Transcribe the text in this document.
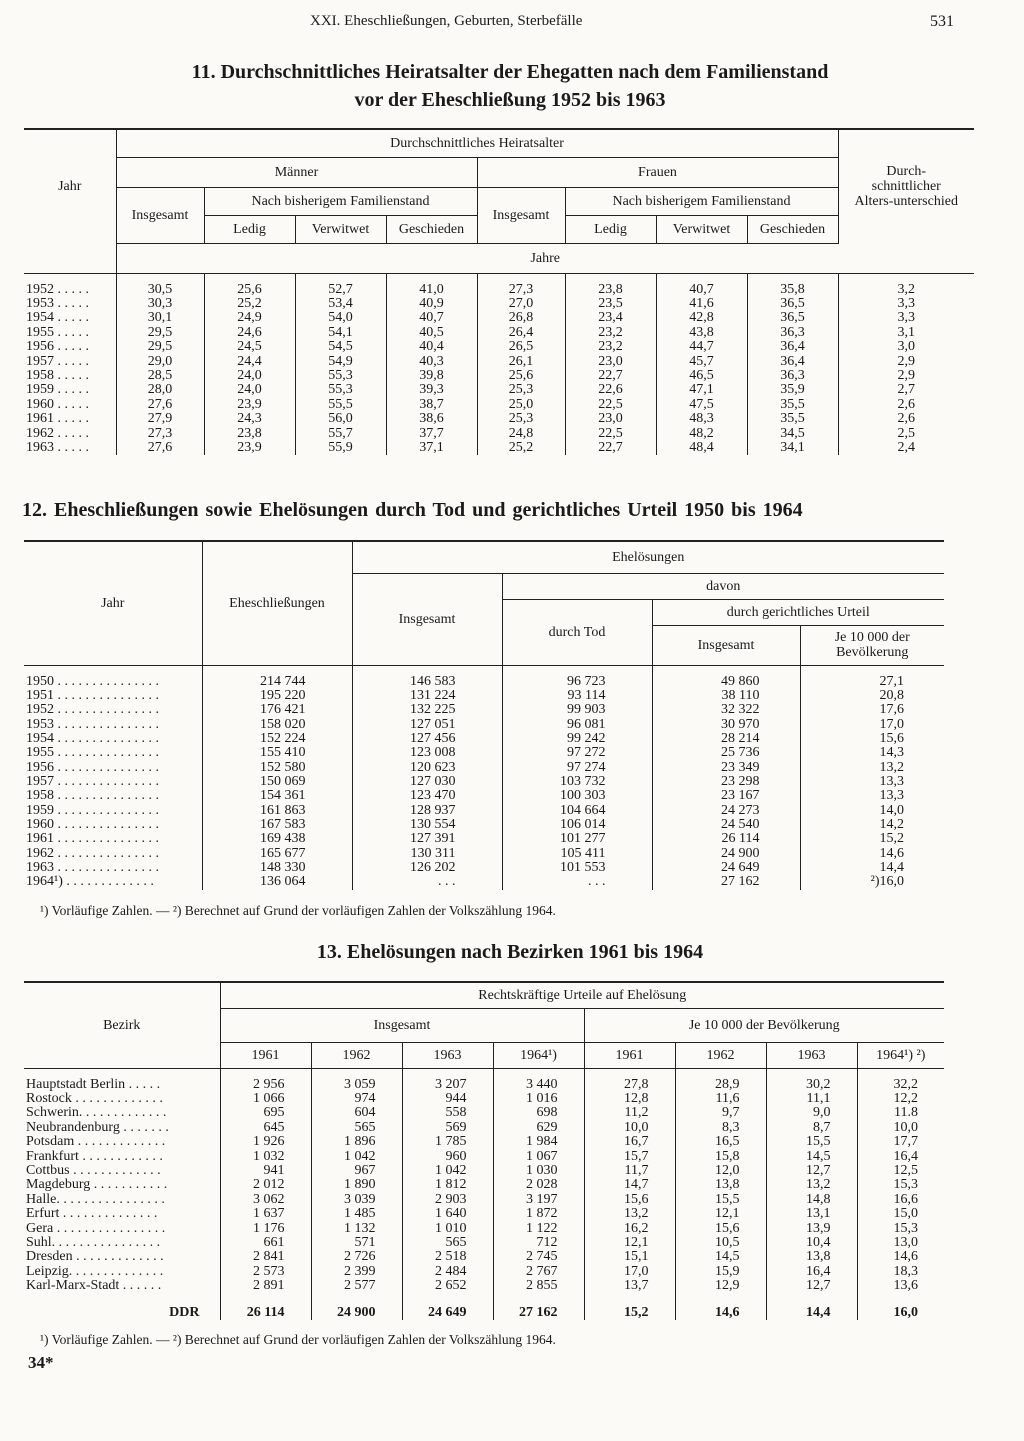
XXI. Eheschließungen, Geburten, Sterbefälle	531
11. Durchschnittliches Heiratsalter der Ehegatten nach dem Familienstand
vor der Eheschließung 1952 bis 1963
Jahr	Durchschnittliches Heiratsalter								Durch-schnittlicher Alters-unterschied
	Männer				Frauen				
	Insgesamt	Nach bisherigem Familienstand			Insgesamt	Nach bisherigem Familienstand			
		Ledig	Verwitwet	Geschieden		Ledig	Verwitwet	Geschieden	
	Jahre								
1952 . . . . .	30,5	25,6	52,7	41,0	27,3	23,8	40,7	35,8	3,2
1953 . . . . .	30,3	25,2	53,4	40,9	27,0	23,5	41,6	36,5	3,3
1954 . . . . .	30,1	24,9	54,0	40,7	26,8	23,4	42,8	36,5	3,3
1955 . . . . .	29,5	24,6	54,1	40,5	26,4	23,2	43,8	36,3	3,1
1956 . . . . .	29,5	24,5	54,5	40,4	26,5	23,2	44,7	36,4	3,0
1957 . . . . .	29,0	24,4	54,9	40,3	26,1	23,0	45,7	36,4	2,9
1958 . . . . .	28,5	24,0	55,3	39,8	25,6	22,7	46,5	36,3	2,9
1959 . . . . .	28,0	24,0	55,3	39,3	25,3	22,6	47,1	35,9	2,7
1960 . . . . .	27,6	23,9	55,5	38,7	25,0	22,5	47,5	35,5	2,6
1961 . . . . .	27,9	24,3	56,0	38,6	25,3	23,0	48,3	35,5	2,6
1962 . . . . .	27,3	23,8	55,7	37,7	24,8	22,5	48,2	34,5	2,5
1963 . . . . .	27,6	23,9	55,9	37,1	25,2	22,7	48,4	34,1	2,4
12. Eheschließungen sowie Ehelösungen durch Tod und gerichtliches Urteil 1950 bis 1964
Jahr	Eheschließungen	Ehelösungen			
		Insgesamt	davon		
			durch Tod	durch gerichtliches Urteil	
				Insgesamt	Je 10 000 der Bevölkerung
1950 . . . . . . . . . . . . . . .	214 744	146 583	96 723	49 860	27,1
1951 . . . . . . . . . . . . . . .	195 220	131 224	93 114	38 110	20,8
1952 . . . . . . . . . . . . . . .	176 421	132 225	99 903	32 322	17,6
1953 . . . . . . . . . . . . . . .	158 020	127 051	96 081	30 970	17,0
1954 . . . . . . . . . . . . . . .	152 224	127 456	99 242	28 214	15,6
1955 . . . . . . . . . . . . . . .	155 410	123 008	97 272	25 736	14,3
1956 . . . . . . . . . . . . . . .	152 580	120 623	97 274	23 349	13,2
1957 . . . . . . . . . . . . . . .	150 069	127 030	103 732	23 298	13,3
1958 . . . . . . . . . . . . . . .	154 361	123 470	100 303	23 167	13,3
1959 . . . . . . . . . . . . . . .	161 863	128 937	104 664	24 273	14,0
1960 . . . . . . . . . . . . . . .	167 583	130 554	106 014	24 540	14,2
1961 . . . . . . . . . . . . . . .	169 438	127 391	101 277	26 114	15,2
1962 . . . . . . . . . . . . . . .	165 677	130 311	105 411	24 900	14,6
1963 . . . . . . . . . . . . . . .	148 330	126 202	101 553	24 649	14,4
1964¹) . . . . . . . . . . . . .	136 064	. . .	. . .	27 162	²)16,0
¹) Vorläufige Zahlen. — ²) Berechnet auf Grund der vorläufigen Zahlen der Volkszählung 1964.
13. Ehelösungen nach Bezirken 1961 bis 1964
Bezirk	Rechtskräftige Urteile auf Ehelösung							
	Insgesamt				Je 10 000 der Bevölkerung			
	1961	1962	1963	1964¹)	1961	1962	1963	1964¹) ²)
Hauptstadt Berlin . . . . .	2 956	3 059	3 207	3 440	27,8	28,9	30,2	32,2
Rostock . . . . . . . . . . . . .	1 066	974	944	1 016	12,8	11,6	11,1	12,2
Schwerin. . . . . . . . . . . . .	695	604	558	698	11,2	9,7	9,0	11.8
Neubrandenburg . . . . . . .	645	565	569	629	10,0	8,3	8,7	10,0
Potsdam . . . . . . . . . . . . .	1 926	1 896	1 785	1 984	16,7	16,5	15,5	17,7
Frankfurt . . . . . . . . . . . .	1 032	1 042	960	1 067	15,7	15,8	14,5	16,4
Cottbus . . . . . . . . . . . . .	941	967	1 042	1 030	11,7	12,0	12,7	12,5
Magdeburg . . . . . . . . . . .	2 012	1 890	1 812	2 028	14,7	13,8	13,2	15,3
Halle. . . . . . . . . . . . . . . .	3 062	3 039	2 903	3 197	15,6	15,5	14,8	16,6
Erfurt . . . . . . . . . . . . . .	1 637	1 485	1 640	1 872	13,2	12,1	13,1	15,0
Gera . . . . . . . . . . . . . . . .	1 176	1 132	1 010	1 122	16,2	15,6	13,9	15,3
Suhl. . . . . . . . . . . . . . . .	661	571	565	712	12,1	10,5	10,4	13,0
Dresden . . . . . . . . . . . . .	2 841	2 726	2 518	2 745	15,1	14,5	13,8	14,6
Leipzig. . . . . . . . . . . . . .	2 573	2 399	2 484	2 767	17,0	15,9	16,4	18,3
Karl-Marx-Stadt . . . . . .	2 891	2 577	2 652	2 855	13,7	12,9	12,7	13,6
DDR	26 114	24 900	24 649	27 162	15,2	14,6	14,4	16,0
¹) Vorläufige Zahlen. — ²) Berechnet auf Grund der vorläufigen Zahlen der Volkszählung 1964.
34*
